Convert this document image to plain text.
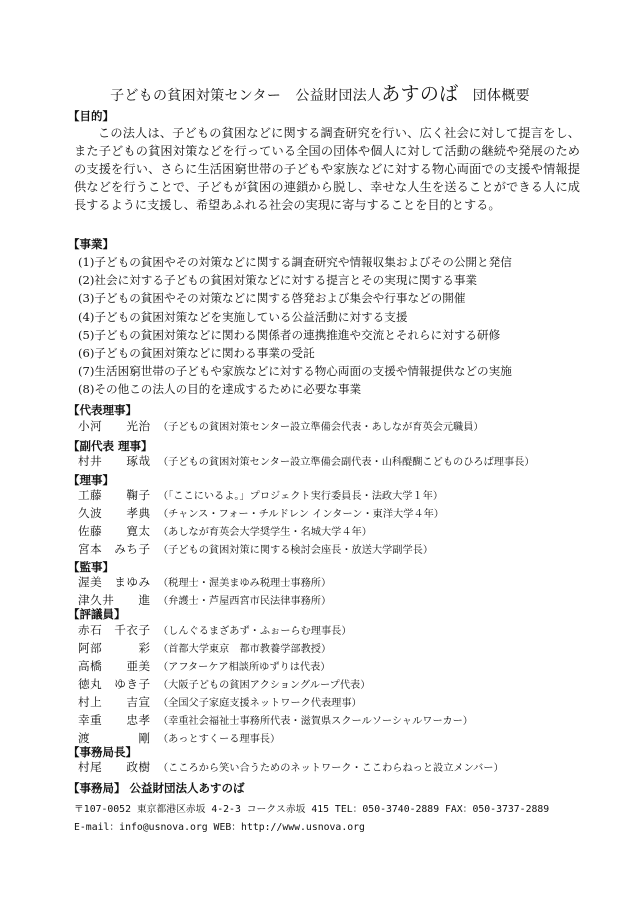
子どもの貧困対策センター　公益財団法人あすのば　団体概要
【目的】
この法人は、子どもの貧困などに関する調査研究を行い、広く社会に対して提言をし、また子どもの貧困対策などを行っている全国の団体や個人に対して活動の継続や発展のための支援を行い、さらに生活困窮世帯の子どもや家族などに対する物心両面での支援や情報提供などを行うことで、子どもが貧困の連鎖から脱し、幸せな人生を送ることができる人に成長するように支援し、希望あふれる社会の実現に寄与することを目的とする。
【事業】
(1)子どもの貧困やその対策などに関する調査研究や情報収集およびその公開と発信
(2)社会に対する子どもの貧困対策などに対する提言とその実現に関する事業
(3)子どもの貧困やその対策などに関する啓発および集会や行事などの開催
(4)子どもの貧困対策などを実施している公益活動に対する支援
(5)子どもの貧困対策などに関わる関係者の連携推進や交流とそれらに対する研修
(6)子どもの貧困対策などに関わる事業の受託
(7)生活困窮世帯の子どもや家族などに対する物心両面の支援や情報提供などの実施
(8)その他この法人の目的を達成するために必要な事業
【代表理事】
小河　　光治 （子どもの貧困対策センター設立準備会代表・あしなが育英会元職員）
【副代表 理事】
村井　　琢哉 （子どもの貧困対策センター設立準備会副代表・山科醍醐こどものひろば理事長）
【理事】
工藤　　鞠子 （「ここにいるよ。」プロジェクト実行委員長・法政大学１年）
久波　　孝典 （チャンス・フォー・チルドレン インターン・東洋大学４年）
佐藤　　寛太 （あしなが育英会大学奨学生・名城大学４年）
宮本　みち子 （子どもの貧困対策に関する検討会座長・放送大学副学長）
【監事】
渥美　まゆみ （税理士・渥美まゆみ税理士事務所）
津久井　　進 （弁護士・芦屋西宮市民法律事務所）
【評議員】
赤石　千衣子 （しんぐるまざあず・ふぉーらむ理事長）
阿部　　　彩 （首都大学東京　都市教養学部教授）
高橋　　亜美 （アフターケア相談所ゆずりは代表）
徳丸　ゆき子 （大阪子どもの貧困アクショングループ代表）
村上　　吉宣 （全国父子家庭支援ネットワーク代表理事）
幸重　　忠孝 （幸重社会福祉士事務所代表・滋賀県スクールソーシャルワーカー）
渡　　　　剛 （あっとすくーる理事長）
【事務局長】
村尾　　政樹 （こころから笑い合うためのネットワーク・ここわらねっと設立メンバー）
【事務局】 公益財団法人あすのば
〒107-0052 東京都港区赤坂 4-2-3 コークス赤坂 415 TEL：050-3740-2889 FAX：050-3737-2889
E-mail：info@usnova.org WEB：http://www.usnova.org
